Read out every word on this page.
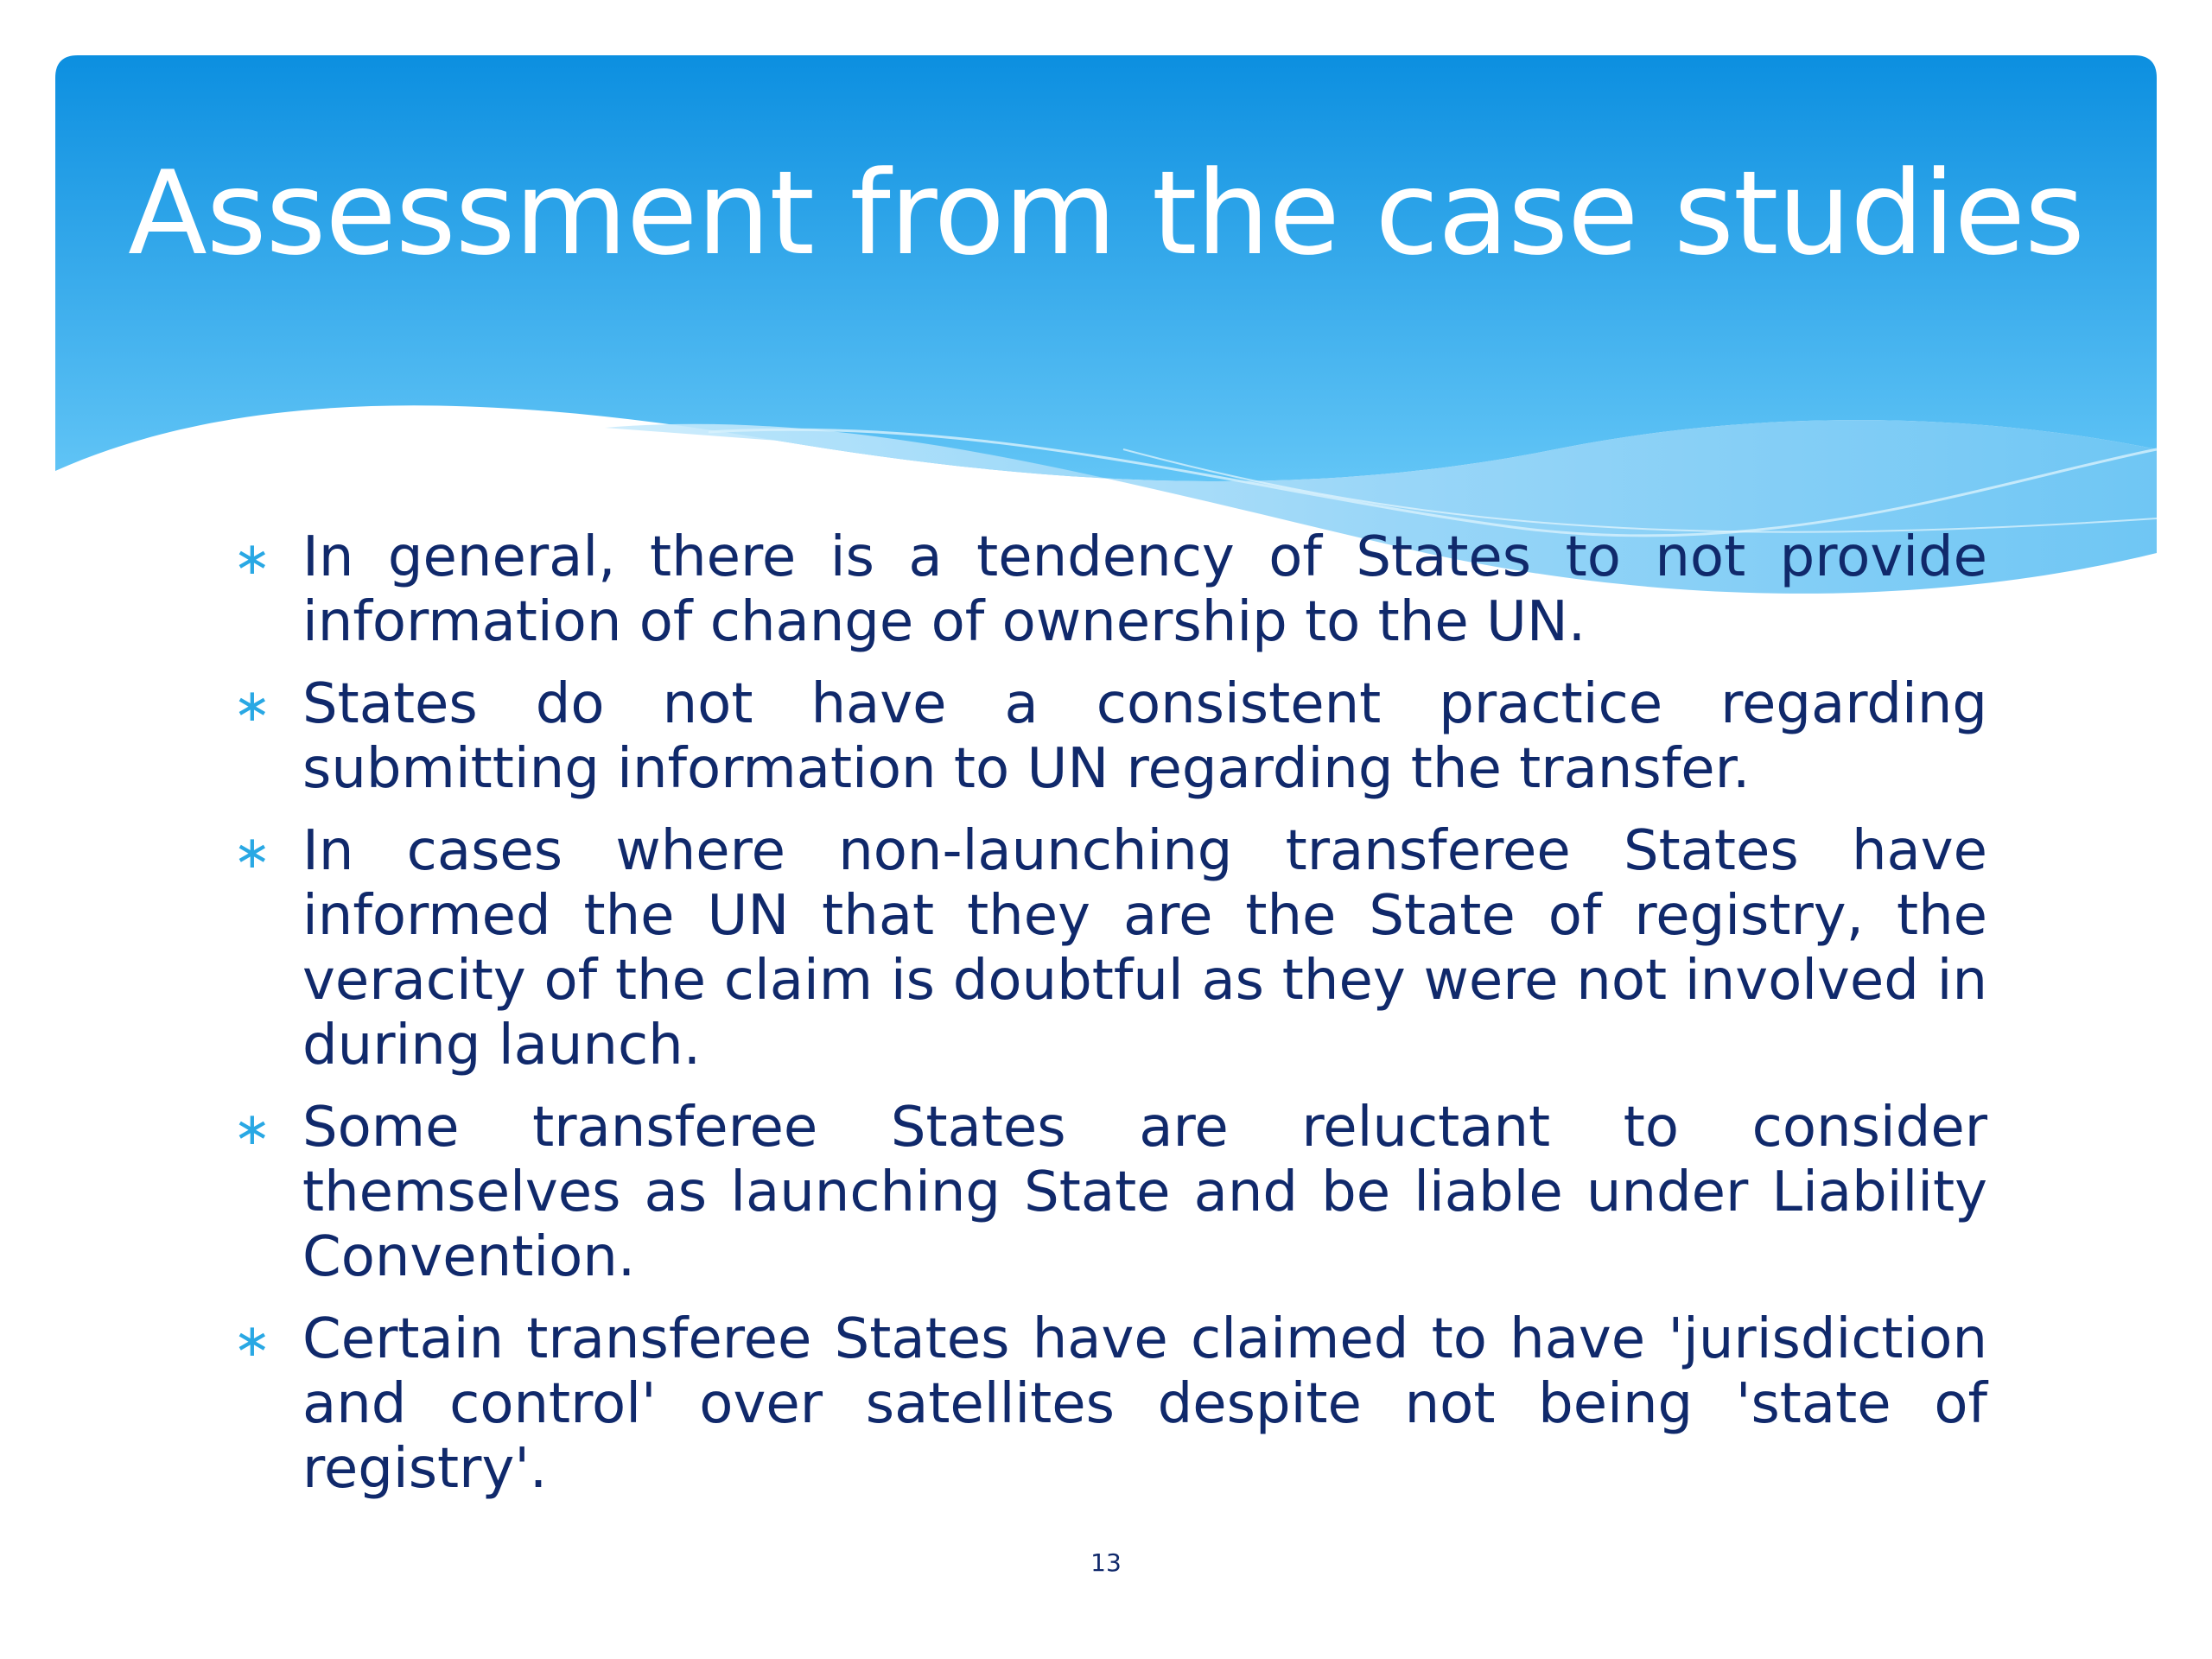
Assessment from the case studies
∗ In general, there is a tendency of States to not provide information of change of ownership to the UN.
∗ States do not have a consistent practice regarding submitting information to UN regarding the transfer.
∗ In cases where non-launching transferee States have informed the UN that they are the State of registry, the veracity of the claim is doubtful as they were not involved in during launch.
∗ Some transferee States are reluctant to consider themselves as launching State and be liable under Liability Convention.
∗ Certain transferee States have claimed to have 'jurisdiction and control' over satellites despite not being 'state of registry'.
13
